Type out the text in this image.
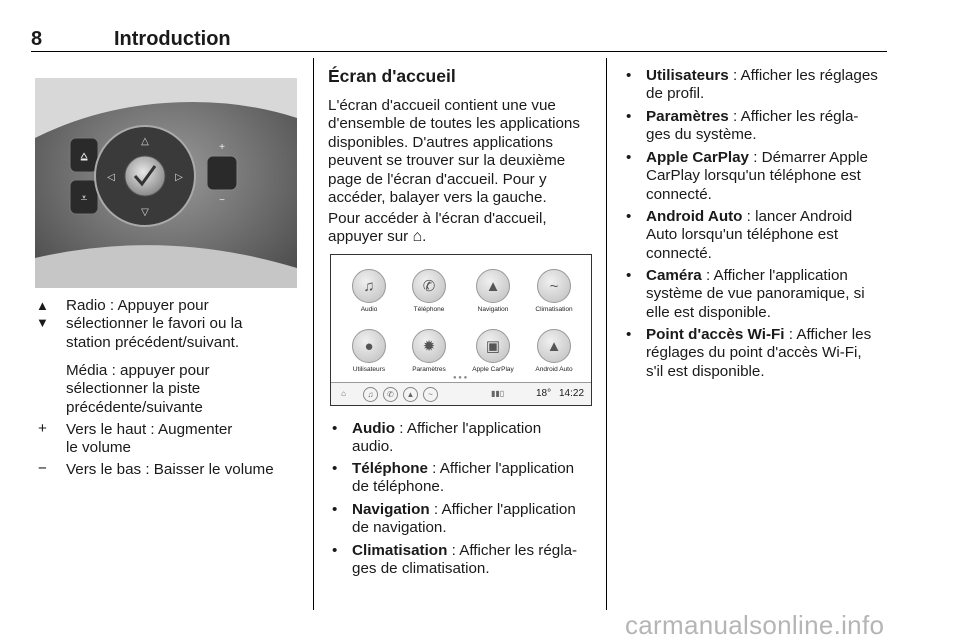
8	Introduction
⩠
⩡
△
▽
◁	▷
+
−
▲
▼
Radio : Appuyer pour
sélectionner le favori ou la
station précédent/suivant.
Média : appuyer pour
sélectionner la piste
précédente/suivante
+ Vers le haut : Augmenter
le volume
− Vers le bas : Baisser le volume
Écran d'accueil
L'écran d'accueil contient une vue
d'ensemble de toutes les applications
disponibles. D'autres applications
peuvent se trouver sur la deuxième
page de l'écran d'accueil. Pour y
accéder, balayer vers la gauche.
Pour accéder à l'écran d'accueil,
appuyer sur ⌂.
♫
Audio
✆
Téléphone
▲
Navigation
~
Climatisation
●
Utilisateurs
✹
Paramètres
▣
Apple CarPlay
▲
Android Auto
● ● ●
⌂	♫	✆	▲	~	▮▮▯	18° 14:22
• Audio : Afficher l'application
audio.
• Téléphone : Afficher l'application
de téléphone.
• Navigation : Afficher l'application
de navigation.
• Climatisation : Afficher les régla-
ges de climatisation.
• Utilisateurs : Afficher les réglages
de profil.
• Paramètres : Afficher les régla-
ges du système.
• Apple CarPlay : Démarrer Apple
CarPlay lorsqu'un téléphone est
connecté.
• Android Auto : lancer Android
Auto lorsqu'un téléphone est
connecté.
• Caméra : Afficher l'application
système de vue panoramique, si
elle est disponible.
• Point d'accès Wi-Fi : Afficher les
réglages du point d'accès Wi-Fi,
s'il est disponible.
carmanualsonline.info
